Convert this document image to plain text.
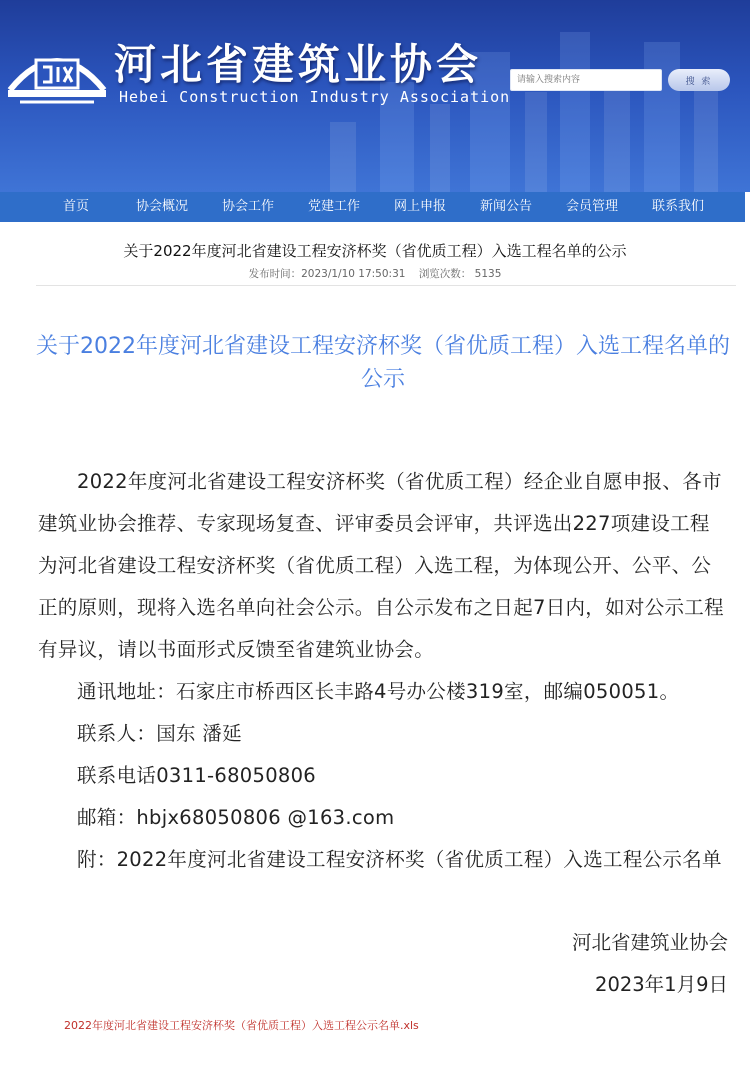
河北省建筑业协会
Hebei Construction Industry Association
请输入搜索内容
搜 索
首页	协会概况	协会工作	党建工作	网上申报	新闻公告	会员管理	联系我们
关于2022年度河北省建设工程安济杯奖（省优质工程）入选工程名单的公示
发布时间：2023/1/10 17:50:31 浏览次数： 5135
关于2022年度河北省建设工程安济杯奖（省优质工程）入选工程名单的公示

2022年度河北省建设工程安济杯奖（省优质工程）经企业自愿申报、各市建筑业协会推荐、专家现场复查、评审委员会评审，共评选出227项建设工程为河北省建设工程安济杯奖（省优质工程）入选工程，为体现公开、公平、公正的原则，现将入选名单向社会公示。自公示发布之日起7日内，如对公示工程有异议，请以书面形式反馈至省建筑业协会。

通讯地址：石家庄市桥西区长丰路4号办公楼319室，邮编050051。

联系人：国东 潘延

联系电话0311-68050806

邮箱：hbjx68050806 @163.com

附：2022年度河北省建设工程安济杯奖（省优质工程）入选工程公示名单

河北省建筑业协会
2023年1月9日
2022年度河北省建设工程安济杯奖（省优质工程）入选工程公示名单.xls
